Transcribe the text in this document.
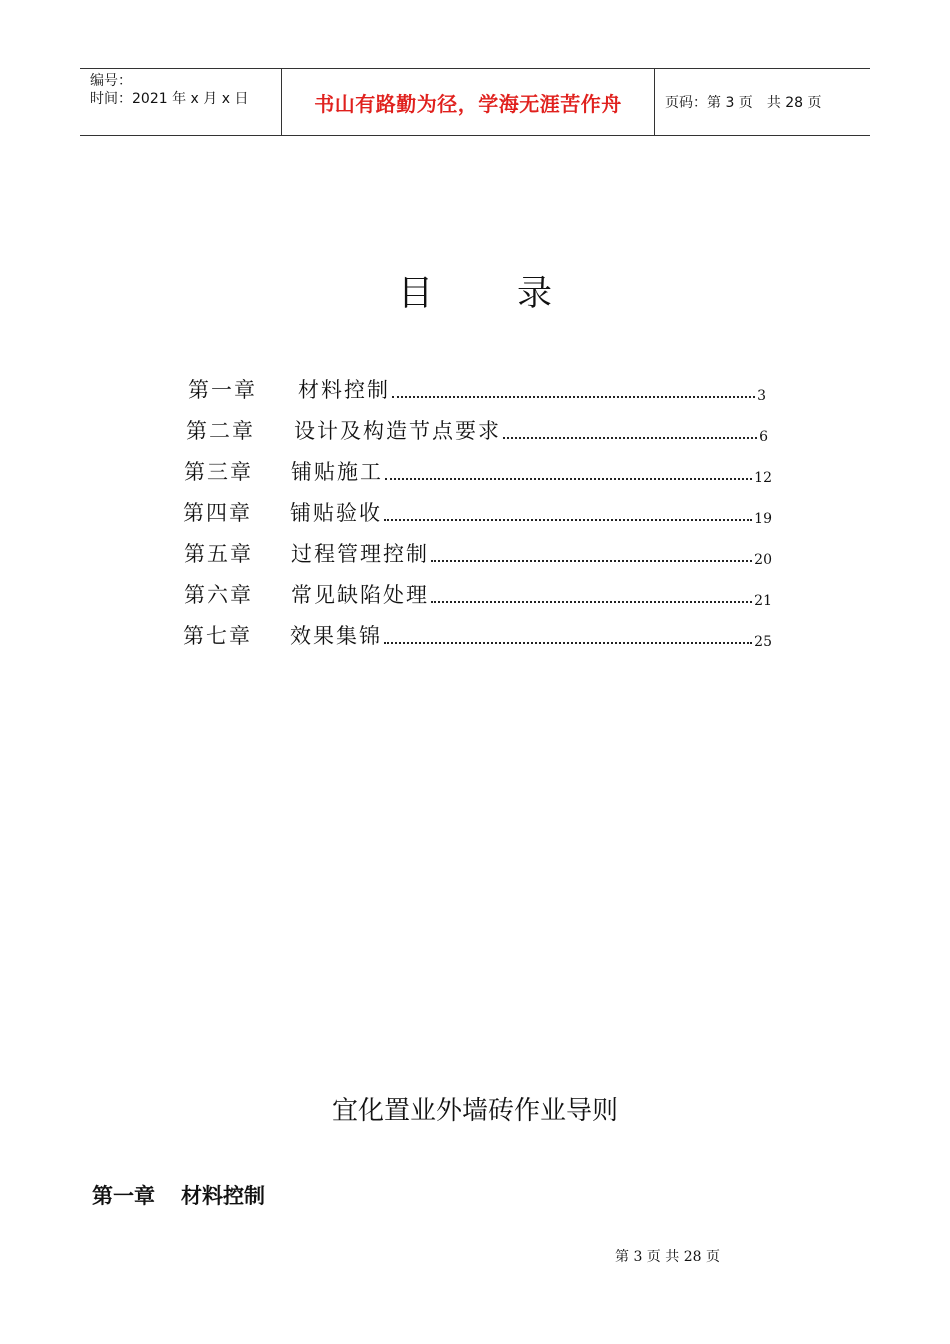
编号：
时间：2021 年 x 月 x 日	书山有路勤为径，学海无涯苦作舟	页码：第 3 页 共 28 页
目 录
第一章	材料控制	3
第二章	设计及构造节点要求	6
第三章	铺贴施工	12
第四章	铺贴验收	19
第五章	过程管理控制	20
第六章	常见缺陷处理	21
第七章	效果集锦	25
宜化置业外墙砖作业导则
第一章 材料控制
第 3 页 共 28 页
